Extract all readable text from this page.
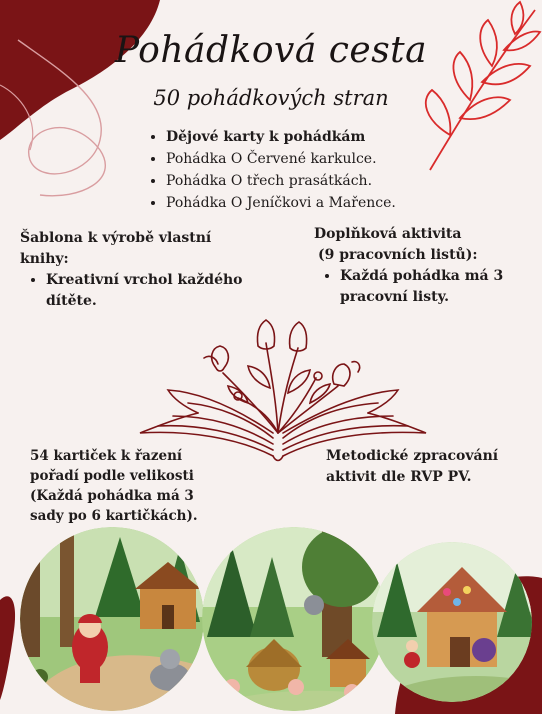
Pohádková cesta
50 pohádkových stran
• Dějové karty k pohádkám
• Pohádka O Červené karkulce.
• Pohádka O třech prasátkách.
• Pohádka O Jeníčkovi a Mařence.
Šablona k výrobě vlastní
knihy:
• Kreativní vrchol každého dítěte.
Doplňková aktivita
(9 pracovních listů):
• Každá pohádka má 3 pracovní listy.
54 kartiček k řazení pořadí podle velikosti (Každá pohádka má 3 sady po 6 kartičkách).
Metodické zpracování aktivit dle RVP PV.
